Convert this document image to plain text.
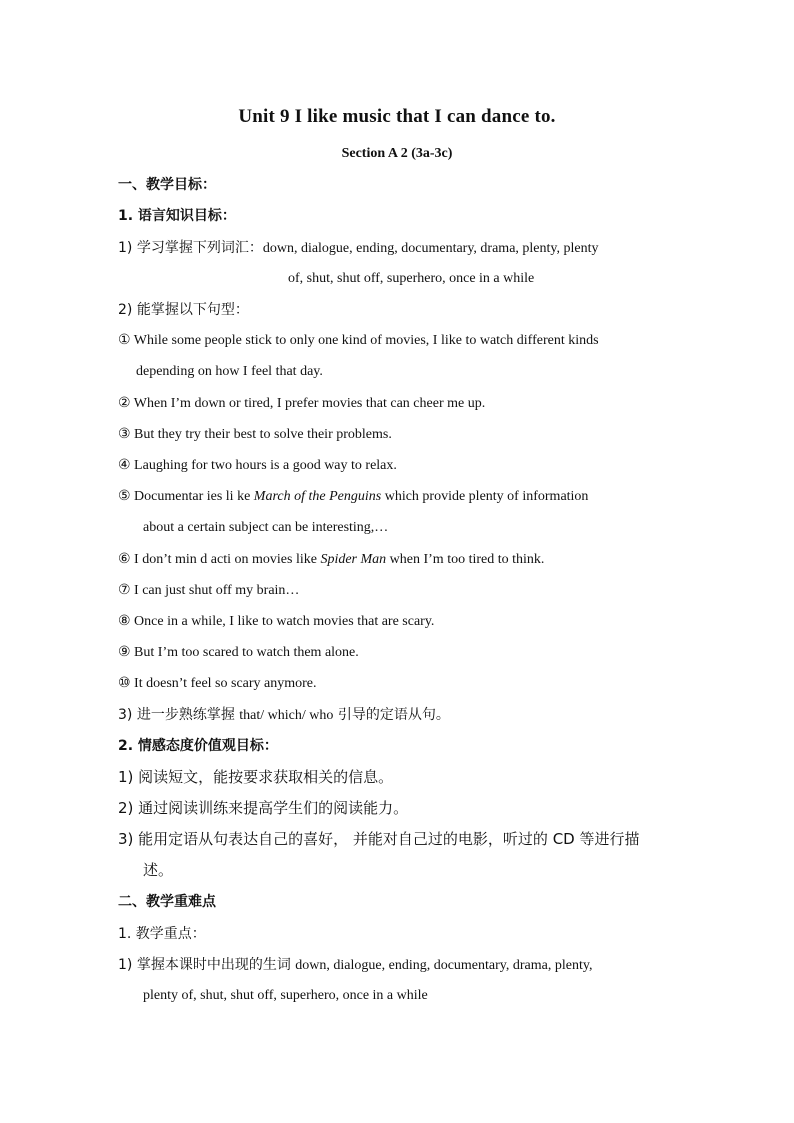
Unit 9 I like music that I can dance to.
Section A 2 (3a-3c)
一、教学目标：
1. 语言知识目标：
1) 学习掌握下列词汇：down, dialogue, ending, documentary, drama, plenty, plenty
of, shut, shut off, superhero, once in a while
2) 能掌握以下句型：
① While some people stick to only one kind of movies, I like to watch different kinds
depending on how I feel that day.
② When I’m down or tired, I prefer movies that can cheer me up.
③ But they try their best to solve their problems.
④ Laughing for two hours is a good way to relax.
⑤ Documentar ies li ke March of the Penguins which provide plenty of information
about a certain subject can be interesting,…
⑥ I don’t min d acti on movies like Spider Man when I’m too tired to think.
⑦ I can just shut off my brain…
⑧ Once in a while, I like to watch movies that are scary.
⑨ But I’m too scared to watch them alone.
⑩ It doesn’t feel so scary anymore.
3) 进一步熟练掌握 that/ which/ who 引导的定语从句。
2. 情感态度价值观目标：
1) 阅读短文，能按要求获取相关的信息。
2) 通过阅读训练来提高学生们的阅读能力。
3) 能用定语从句表达自己的喜好， 并能对自己过的电影，听过的 CD 等进行描
述。
二、教学重难点
1. 教学重点：
1) 掌握本课时中出现的生词 down, dialogue, ending, documentary, drama, plenty,
plenty of, shut, shut off, superhero, once in a while
